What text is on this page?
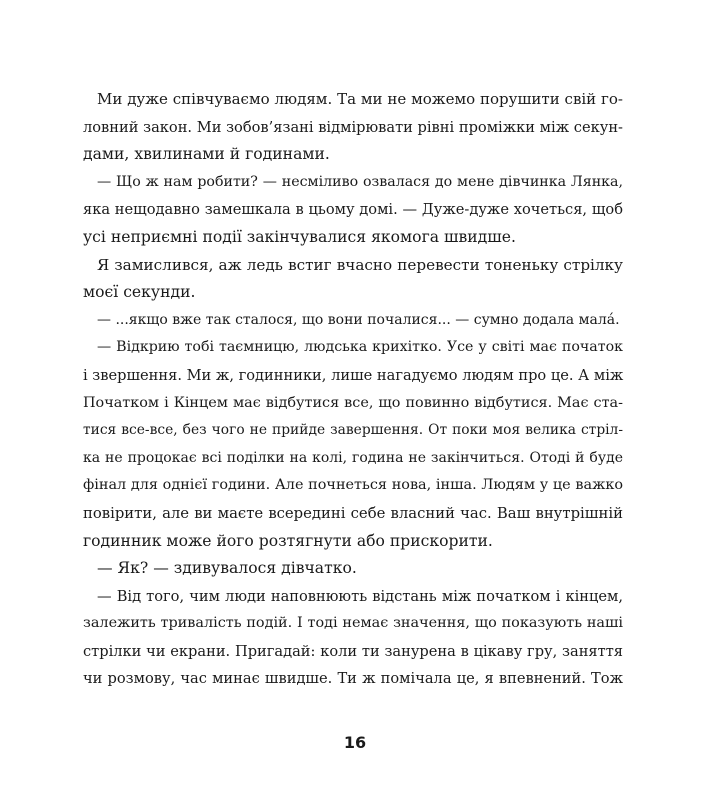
Ми дуже співчуваємо людям. Та ми не можемо порушити свій го-
ловний закон. Ми зобов’язані відмірювати рівні проміжки між секун-
дами, хвилинами й годинами.
— Що ж нам робити? — несміливо озвалася до мене дівчинка Лянка,
яка нещодавно замешкала в цьому домі. — Дуже-дуже хочеться, щоб
усі неприємні події закінчувалися якомога швидше.
Я замислився, аж ледь встиг вчасно перевести тоненьку стрілку
моєї секунди.
— ...якщо вже так сталося, що вони почалися... — сумно додала малá.
— Відкрию тобі таємницю, людська крихітко. Усе у світі має початок
і звершення. Ми ж, годинники, лише нагадуємо людям про це. А між
Початком і Кінцем має відбутися все, що повинно відбутися. Має ста-
тися все-все, без чого не прийде завершення. От поки моя велика стріл-
ка не процокає всі поділки на колі, година не закінчиться. Отоді й буде
фінал для однієї години. Але почнеться нова, інша. Людям у це важко
повірити, але ви маєте всередині себе власний час. Ваш внутрішній
годинник може його розтягнути або прискорити.
— Як? — здивувалося дівчатко.
— Від того, чим люди наповнюють відстань між початком і кінцем,
залежить тривалість подій. І тоді немає значення, що показують наші
стрілки чи екрани. Пригадай: коли ти занурена в цікаву гру, заняття
чи розмову, час минає швидше. Ти ж помічала це, я впевнений. Тож
16
